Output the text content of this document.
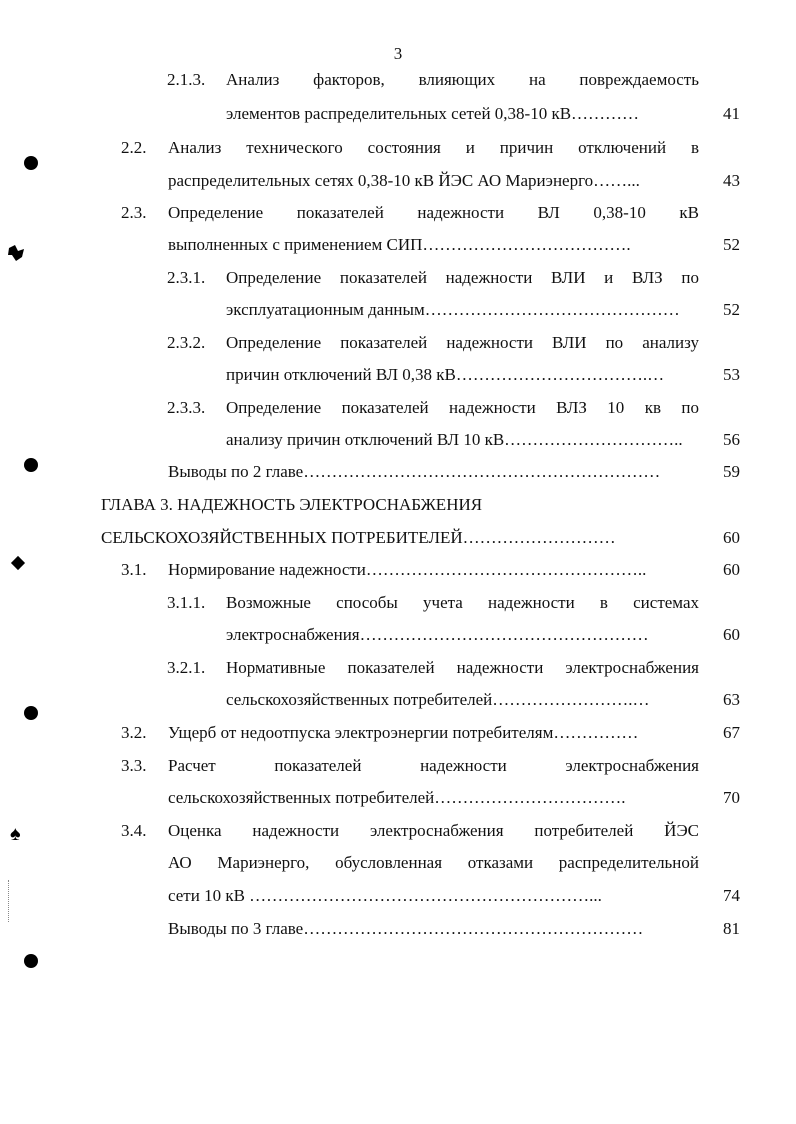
3
♠
2.1.3. Анализ факторов, влияющих на повреждаемость
элементов распределительных сетей 0,38-10 кВ…………	41
2.2. Анализ технического состояния и причин отключений в
распределительных сетях 0,38-10 кВ ЙЭС АО Мариэнерго……...	43
2.3. Определение показателей надежности ВЛ 0,38-10 кВ
выполненных с применением СИП……………………………….	52
2.3.1. Определение показателей надежности ВЛИ и ВЛЗ по
эксплуатационным данным………………………………………	52
2.3.2. Определение показателей надежности ВЛИ по анализу
причин отключений ВЛ 0,38 кВ…………………………….…	53
2.3.3. Определение показателей надежности ВЛЗ 10 кв по
анализу причин отключений ВЛ 10 кВ…………………………..	56
Выводы по 2 главе………………………………………………………	59
ГЛАВА 3. НАДЕЖНОСТЬ ЭЛЕКТРОСНАБЖЕНИЯ
СЕЛЬСКОХОЗЯЙСТВЕННЫХ ПОТРЕБИТЕЛЕЙ………………………	60
3.1. Нормирование надежности…………………………………………..	60
3.1.1. Возможные способы учета надежности в системах
электроснабжения……………………………………………	60
3.2.1. Нормативные показателей надежности электроснабжения
сельскохозяйственных потребителей…………………….…	63
3.2. Ущерб от недоотпуска электроэнергии потребителям……………	67
3.3. Расчет показателей надежности электроснабжения
сельскохозяйственных потребителей…………………………….	70
3.4. Оценка надежности электроснабжения потребителей ЙЭС
АО Мариэнерго, обусловленная отказами распределительной
сети 10 кВ ……………………………………………………...	74
Выводы по 3 главе……………………………………………………	81
